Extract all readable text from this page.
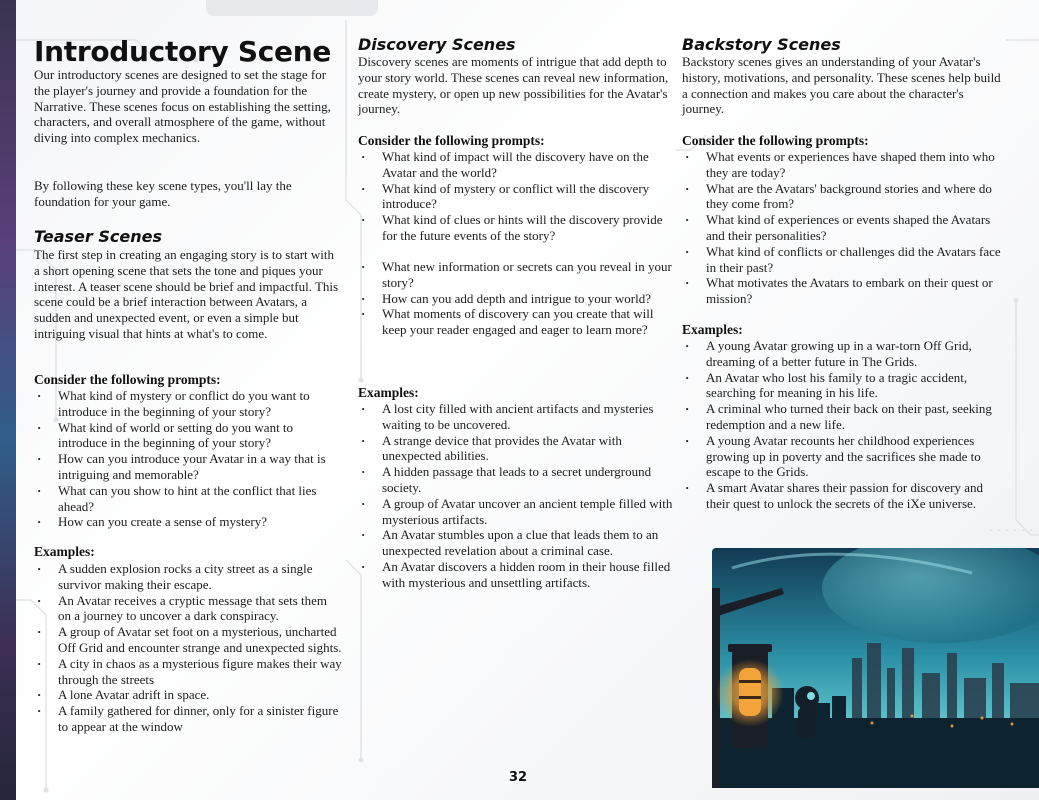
Introductory Scene

Our introductory scenes are designed to set the stage for the player's journey and provide a foundation for the Narrative. These scenes focus on establishing the setting, characters, and overall atmosphere of the game, without diving into complex mechanics.

By following these key scene types, you'll lay the foundation for your game.

Teaser Scenes

The first step in creating an engaging story is to start with a short opening scene that sets the tone and piques your interest. A teaser scene should be brief and impactful. This scene could be a brief interaction between Avatars, a sudden and unexpected event, or even a simple but intriguing visual that hints at what's to come.

Consider the following prompts:
· What kind of mystery or conflict do you want to introduce in the beginning of your story?
· What kind of world or setting do you want to introduce in the beginning of your story?
· How can you introduce your Avatar in a way that is intriguing and memorable?
· What can you show to hint at the conflict that lies ahead?
· How can you create a sense of mystery?
Examples:
· A sudden explosion rocks a city street as a single survivor making their escape.
· An Avatar receives a cryptic message that sets them on a journey to uncover a dark conspiracy.
· A group of Avatar set foot on a mysterious, uncharted Off Grid and encounter strange and unexpected sights.
· A city in chaos as a mysterious figure makes their way through the streets
· A lone Avatar adrift in space.
· A family gathered for dinner, only for a sinister figure to appear at the window
Discovery Scenes

Discovery scenes are moments of intrigue that add depth to your story world. These scenes can reveal new information, create mystery, or open up new possibilities for the Avatar's journey.

Consider the following prompts:
· What kind of impact will the discovery have on the Avatar and the world?
· What kind of mystery or conflict will the discovery introduce?
· What kind of clues or hints will the discovery provide for the future events of the story?
· What new information or secrets can you reveal in your story?
· How can you add depth and intrigue to your world?
· What moments of discovery can you create that will keep your reader engaged and eager to learn more?
Examples:
· A lost city filled with ancient artifacts and mysteries waiting to be uncovered.
· A strange device that provides the Avatar with unexpected abilities.
· A hidden passage that leads to a secret underground society.
· A group of Avatar uncover an ancient temple filled with mysterious artifacts.
· An Avatar stumbles upon a clue that leads them to an unexpected revelation about a criminal case.
· An Avatar discovers a hidden room in their house filled with mysterious and unsettling artifacts.
Backstory Scenes

Backstory scenes gives an understanding of your Avatar's history, motivations, and personality. These scenes help build a connection and makes you care about the character's journey.

Consider the following prompts:
· What events or experiences have shaped them into who they are today?
· What are the Avatars' background stories and where do they come from?
· What kind of experiences or events shaped the Avatars and their personalities?
· What kind of conflicts or challenges did the Avatars face in their past?
· What motivates the Avatars to embark on their quest or mission?
Examples:
· A young Avatar growing up in a war-torn Off Grid, dreaming of a better future in The Grids.
· An Avatar who lost his family to a tragic accident, searching for meaning in his life.
· A criminal who turned their back on their past, seeking redemption and a new life.
· A young Avatar recounts her childhood experiences growing up in poverty and the sacrifices she made to escape to the Grids.
· A smart Avatar shares their passion for discovery and their quest to unlock the secrets of the iXe universe.
32
